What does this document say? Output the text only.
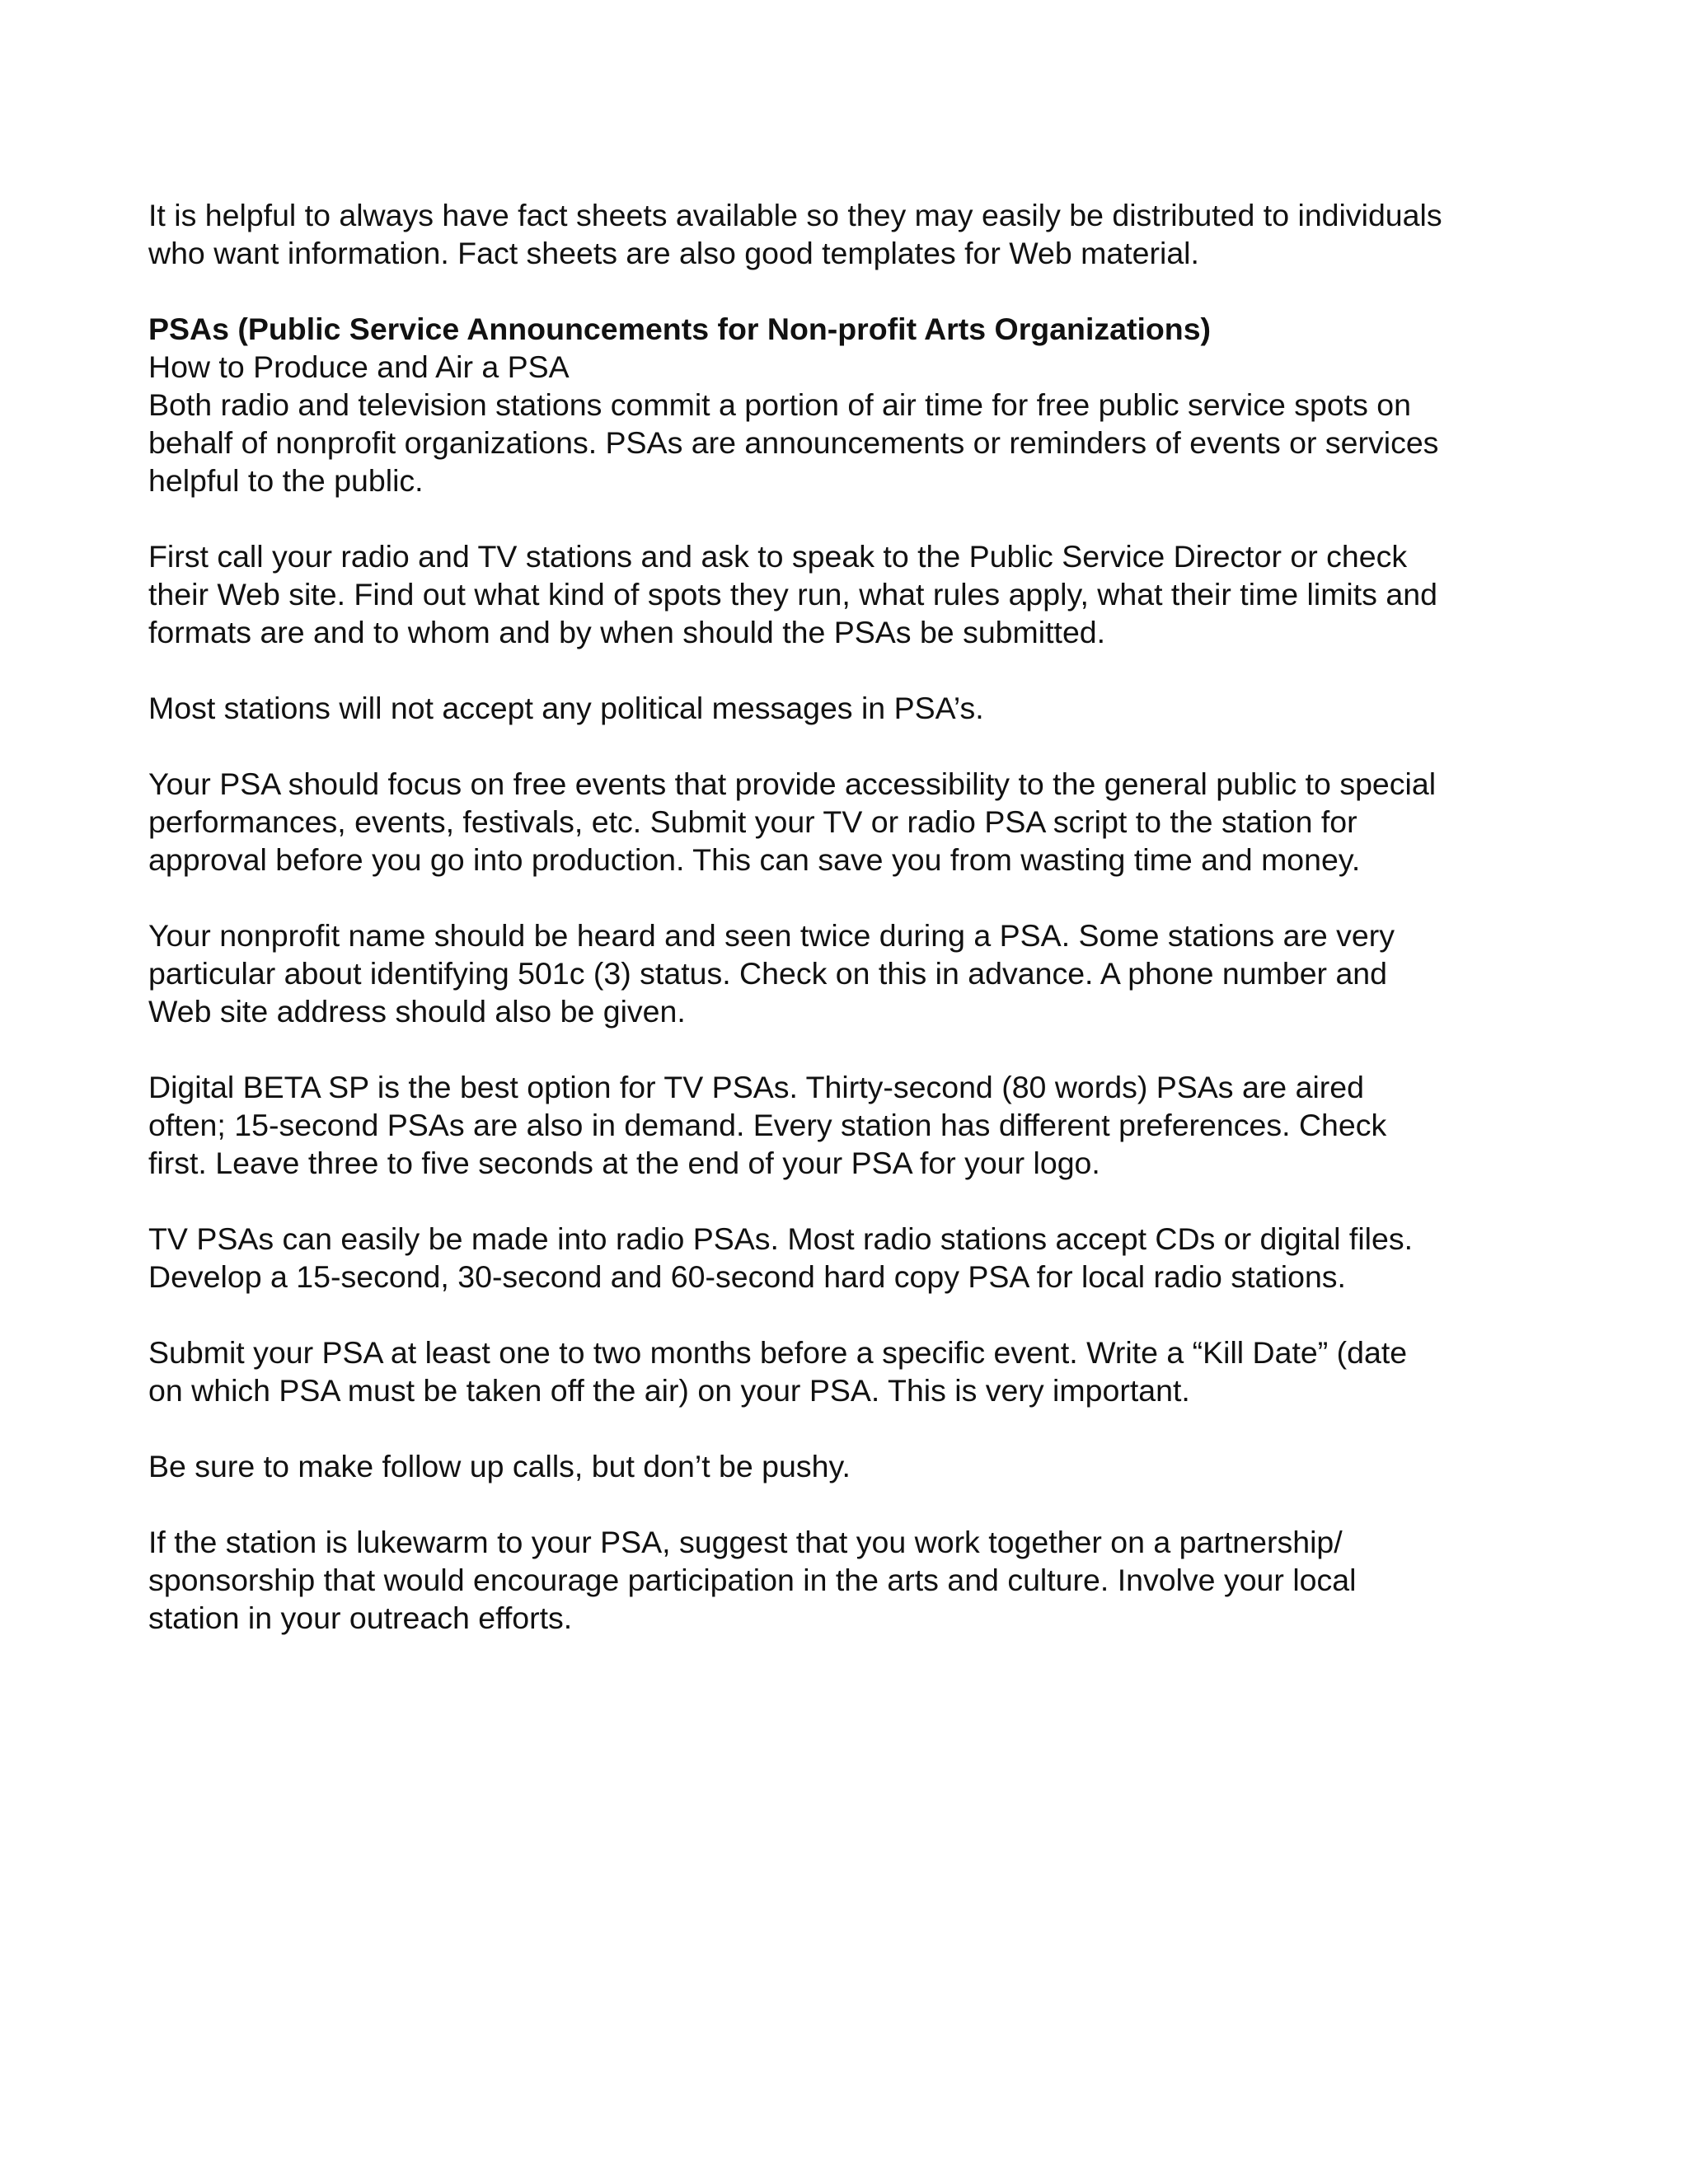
It is helpful to always have fact sheets available so they may easily be distributed to individuals
who want information. Fact sheets are also good templates for Web material.

PSAs (Public Service Announcements for Non-profit Arts Organizations)

How to Produce and Air a PSA

Both radio and television stations commit a portion of air time for free public service spots on
behalf of nonprofit organizations. PSAs are announcements or reminders of events or services
helpful to the public.

First call your radio and TV stations and ask to speak to the Public Service Director or check
their Web site. Find out what kind of spots they run, what rules apply, what their time limits and
formats are and to whom and by when should the PSAs be submitted.

Most stations will not accept any political messages in PSA’s.

Your PSA should focus on free events that provide accessibility to the general public to special
performances, events, festivals, etc. Submit your TV or radio PSA script to the station for
approval before you go into production. This can save you from wasting time and money.

Your nonprofit name should be heard and seen twice during a PSA. Some stations are very
particular about identifying 501c (3) status. Check on this in advance. A phone number and
Web site address should also be given.

Digital BETA SP is the best option for TV PSAs. Thirty-second (80 words) PSAs are aired
often; 15-second PSAs are also in demand. Every station has different preferences. Check
first. Leave three to five seconds at the end of your PSA for your logo.

TV PSAs can easily be made into radio PSAs. Most radio stations accept CDs or digital files.
Develop a 15-second, 30-second and 60-second hard copy PSA for local radio stations.

Submit your PSA at least one to two months before a specific event. Write a “Kill Date” (date
on which PSA must be taken off the air) on your PSA. This is very important.

Be sure to make follow up calls, but don’t be pushy.

If the station is lukewarm to your PSA, suggest that you work together on a partnership/
sponsorship that would encourage participation in the arts and culture. Involve your local
station in your outreach efforts.
